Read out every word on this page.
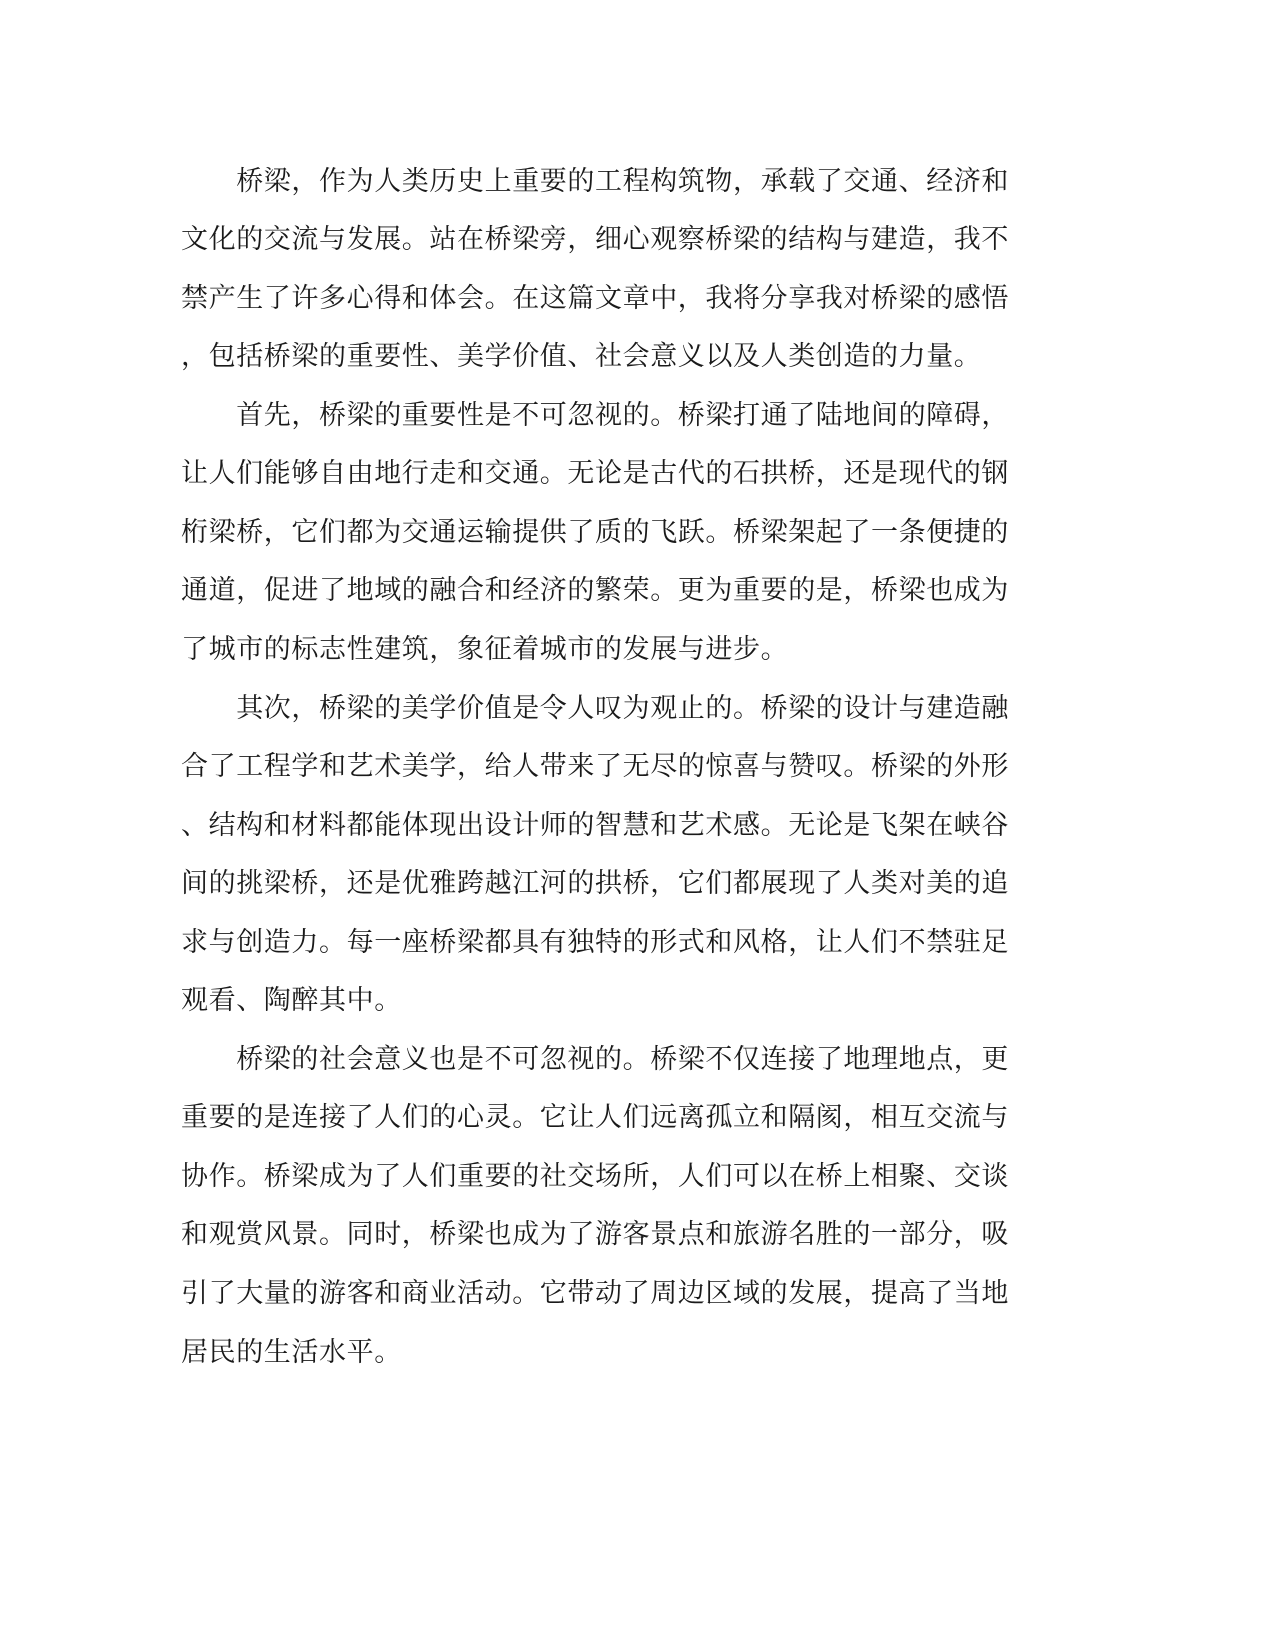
　　桥梁，作为人类历史上重要的工程构筑物，承载了交通、经济和
文化的交流与发展。站在桥梁旁，细心观察桥梁的结构与建造，我不
禁产生了许多心得和体会。在这篇文章中，我将分享我对桥梁的感悟
，包括桥梁的重要性、美学价值、社会意义以及人类创造的力量。
　　首先，桥梁的重要性是不可忽视的。桥梁打通了陆地间的障碍，
让人们能够自由地行走和交通。无论是古代的石拱桥，还是现代的钢
桁梁桥，它们都为交通运输提供了质的飞跃。桥梁架起了一条便捷的
通道，促进了地域的融合和经济的繁荣。更为重要的是，桥梁也成为
了城市的标志性建筑，象征着城市的发展与进步。
　　其次，桥梁的美学价值是令人叹为观止的。桥梁的设计与建造融
合了工程学和艺术美学，给人带来了无尽的惊喜与赞叹。桥梁的外形
、结构和材料都能体现出设计师的智慧和艺术感。无论是飞架在峡谷
间的挑梁桥，还是优雅跨越江河的拱桥，它们都展现了人类对美的追
求与创造力。每一座桥梁都具有独特的形式和风格，让人们不禁驻足
观看、陶醉其中。
　　桥梁的社会意义也是不可忽视的。桥梁不仅连接了地理地点，更
重要的是连接了人们的心灵。它让人们远离孤立和隔阂，相互交流与
协作。桥梁成为了人们重要的社交场所，人们可以在桥上相聚、交谈
和观赏风景。同时，桥梁也成为了游客景点和旅游名胜的一部分，吸
引了大量的游客和商业活动。它带动了周边区域的发展，提高了当地
居民的生活水平。
